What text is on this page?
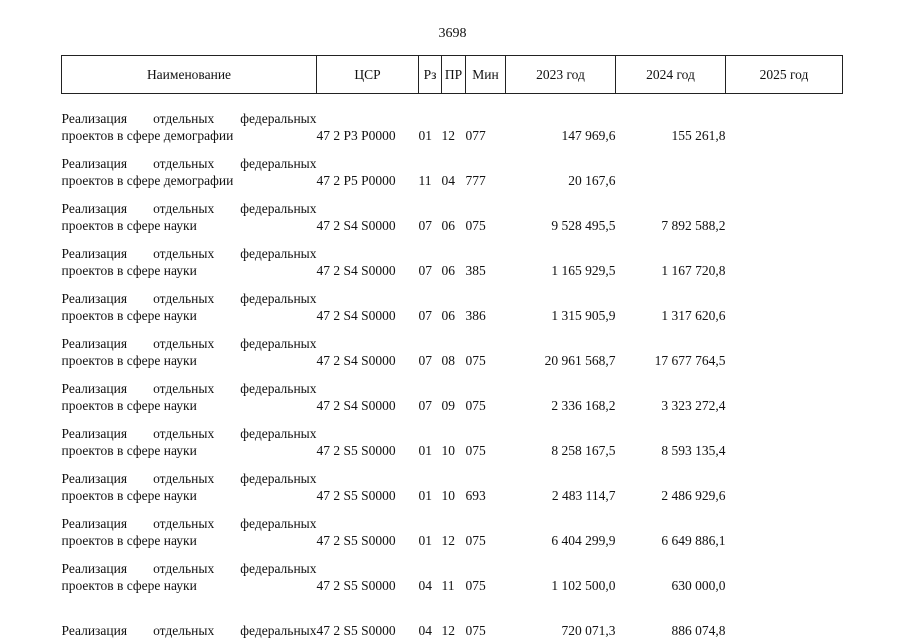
3698
Наименование	ЦСР	Рз	ПР	Мин	2023 год	2024 год	2025 год

Реализация отдельных федеральных
проектов в сфере демографии	47 2 Р3 Р0000	01	12	077	147 969,6	155 261,8	

Реализация отдельных федеральных
проектов в сфере демографии	47 2 Р5 Р0000	11	04	777	20 167,6		

Реализация отдельных федеральных
проектов в сфере науки	47 2 S4 S0000	07	06	075	9 528 495,5	7 892 588,2	

Реализация отдельных федеральных
проектов в сфере науки	47 2 S4 S0000	07	06	385	1 165 929,5	1 167 720,8	

Реализация отдельных федеральных
проектов в сфере науки	47 2 S4 S0000	07	06	386	1 315 905,9	1 317 620,6	

Реализация отдельных федеральных
проектов в сфере науки	47 2 S4 S0000	07	08	075	20 961 568,7	17 677 764,5	

Реализация отдельных федеральных
проектов в сфере науки	47 2 S4 S0000	07	09	075	2 336 168,2	3 323 272,4	

Реализация отдельных федеральных
проектов в сфере науки	47 2 S5 S0000	01	10	075	8 258 167,5	8 593 135,4	

Реализация отдельных федеральных
проектов в сфере науки	47 2 S5 S0000	01	10	693	2 483 114,7	2 486 929,6	

Реализация отдельных федеральных
проектов в сфере науки	47 2 S5 S0000	01	12	075	6 404 299,9	6 649 886,1	

Реализация отдельных федеральных
проектов в сфере науки	47 2 S5 S0000	04	11	075	1 102 500,0	630 000,0	

Реализация отдельных федеральных	47 2 S5 S0000	04	12	075	720 071,3	886 074,8	
